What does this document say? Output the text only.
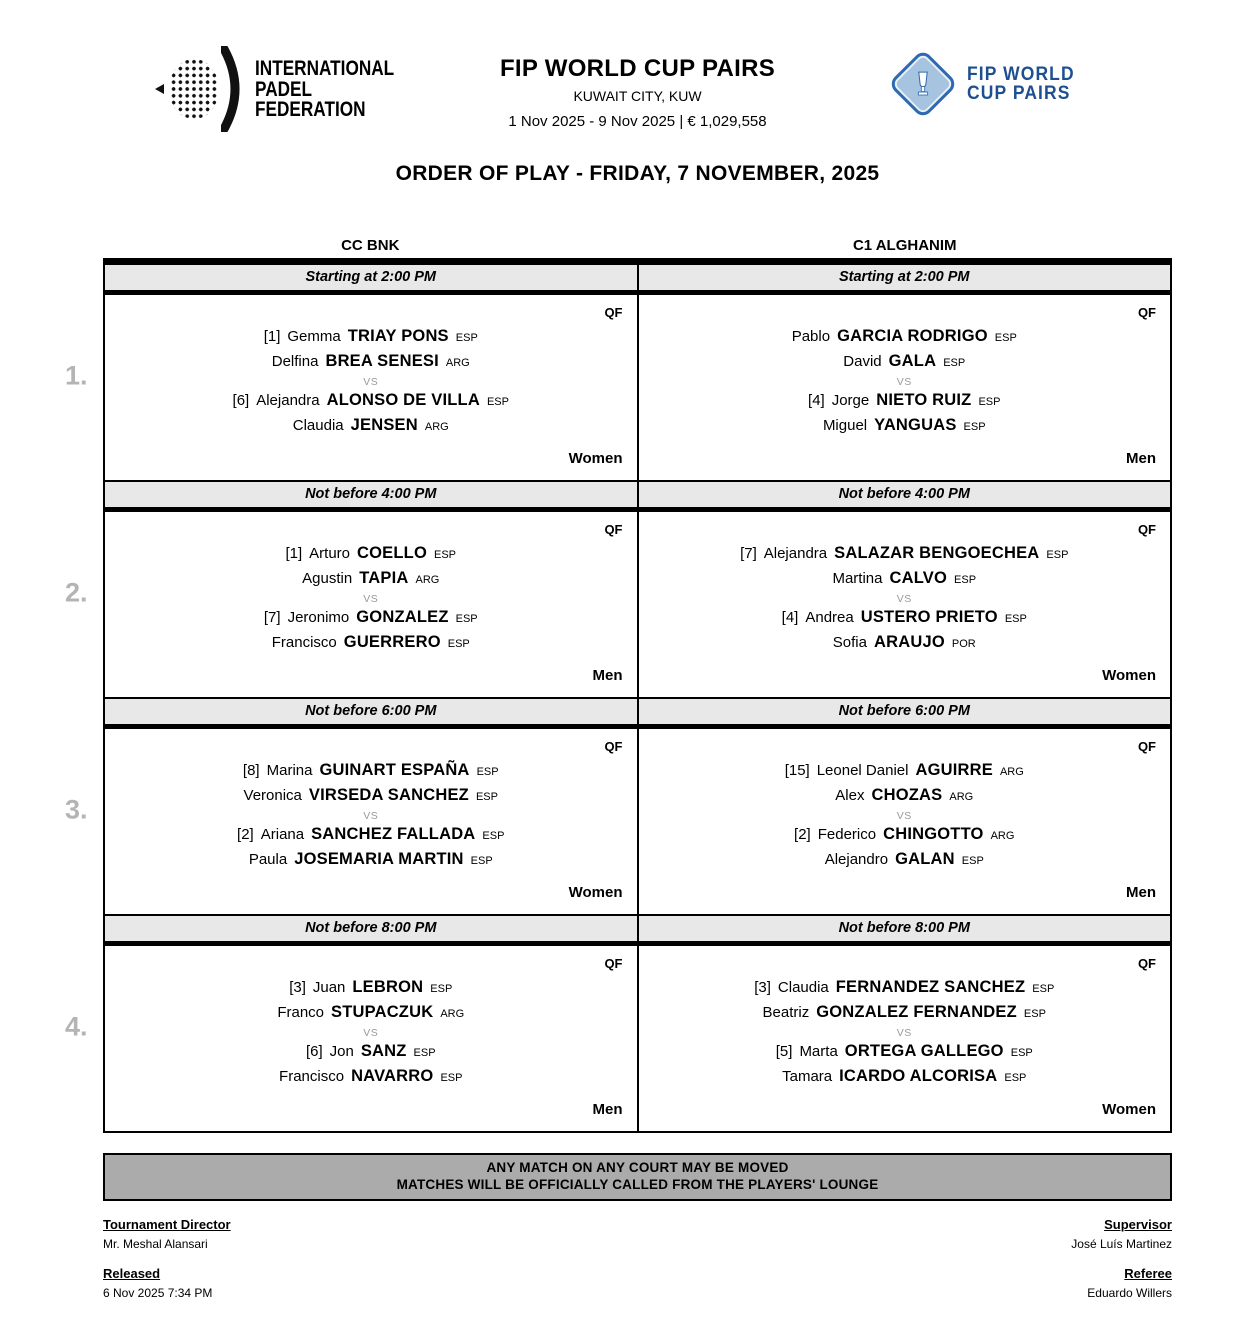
INTERNATIONAL
PADEL
FEDERATION
FIP WORLD CUP PAIRS
KUWAIT CITY, KUW
1 Nov 2025 - 9 Nov 2025 | € 1,029,558
FIP WORLD
CUP PAIRS
ORDER OF PLAY - FRIDAY, 7 NOVEMBER, 2025
CC BNK	C1 ALGHANIM
Starting at 2:00 PM	Starting at 2:00 PM
1.
QF
[1] Gemma TRIAY PONS ESP
Delfina BREA SENESI ARG
VS
[6] Alejandra ALONSO DE VILLA ESP
Claudia JENSEN ARG
Women
QF
Pablo GARCIA RODRIGO ESP
David GALA ESP
VS
[4] Jorge NIETO RUIZ ESP
Miguel YANGUAS ESP
Men
Not before 4:00 PM	Not before 4:00 PM
2.
QF
[1] Arturo COELLO ESP
Agustin TAPIA ARG
VS
[7] Jeronimo GONZALEZ ESP
Francisco GUERRERO ESP
Men
QF
[7] Alejandra SALAZAR BENGOECHEA ESP
Martina CALVO ESP
VS
[4] Andrea USTERO PRIETO ESP
Sofia ARAUJO POR
Women
Not before 6:00 PM	Not before 6:00 PM
3.
QF
[8] Marina GUINART ESPAÑA ESP
Veronica VIRSEDA SANCHEZ ESP
VS
[2] Ariana SANCHEZ FALLADA ESP
Paula JOSEMARIA MARTIN ESP
Women
QF
[15] Leonel Daniel AGUIRRE ARG
Alex CHOZAS ARG
VS
[2] Federico CHINGOTTO ARG
Alejandro GALAN ESP
Men
Not before 8:00 PM	Not before 8:00 PM
4.
QF
[3] Juan LEBRON ESP
Franco STUPACZUK ARG
VS
[6] Jon SANZ ESP
Francisco NAVARRO ESP
Men
QF
[3] Claudia FERNANDEZ SANCHEZ ESP
Beatriz GONZALEZ FERNANDEZ ESP
VS
[5] Marta ORTEGA GALLEGO ESP
Tamara ICARDO ALCORISA ESP
Women
ANY MATCH ON ANY COURT MAY BE MOVED
MATCHES WILL BE OFFICIALLY CALLED FROM THE PLAYERS' LOUNGE
Tournament Director
Mr. Meshal Alansari
Released
6 Nov 2025 7:34 PM
Supervisor
José Luís Martinez
Referee
Eduardo Willers
